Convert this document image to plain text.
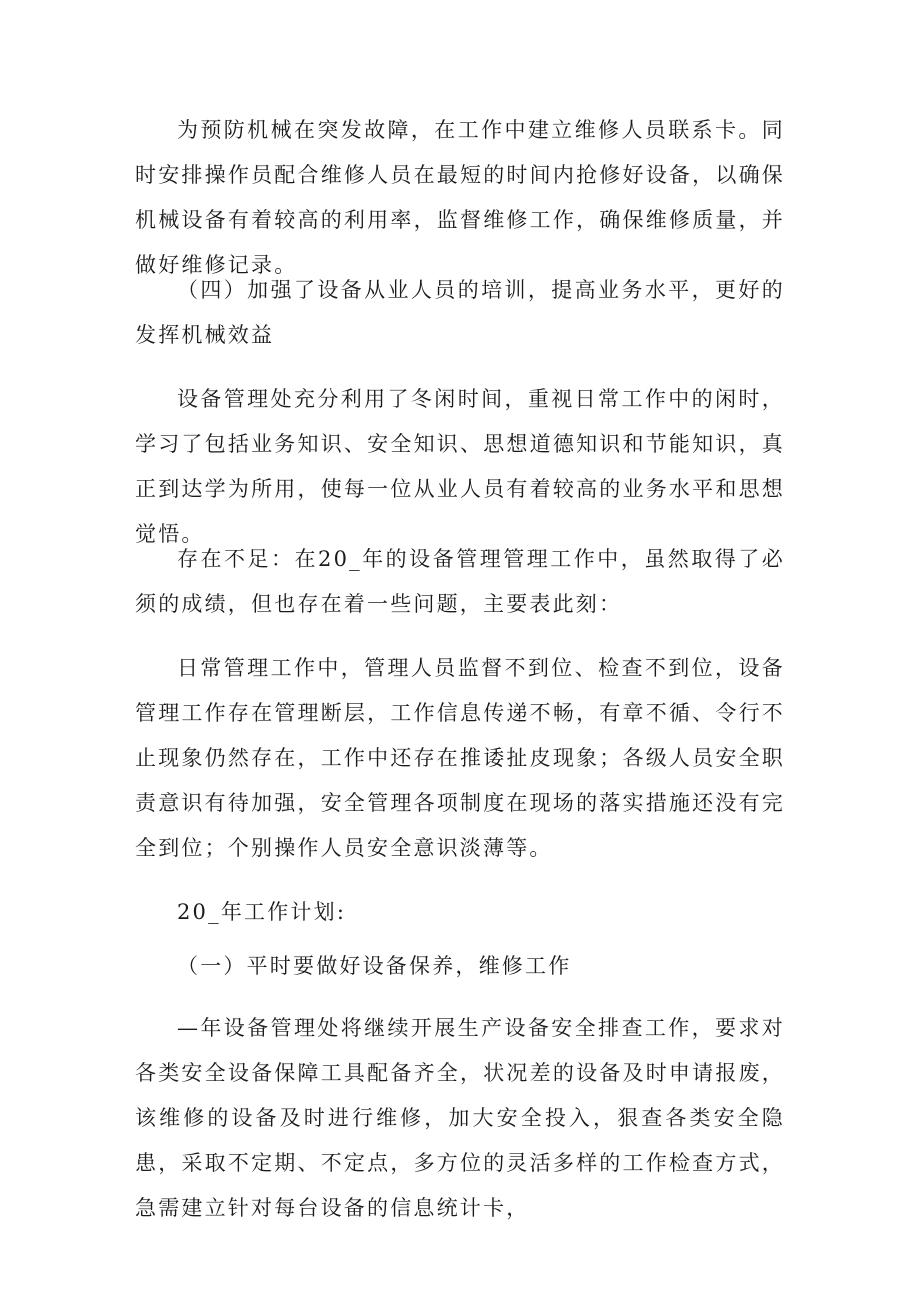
为预防机械在突发故障，在工作中建立维修人员联系卡。同时安排操作员配合维修人员在最短的时间内抢修好设备，以确保机械设备有着较高的利用率，监督维修工作，确保维修质量，并做好维修记录。

（四）加强了设备从业人员的培训，提高业务水平，更好的发挥机械效益

设备管理处充分利用了冬闲时间，重视日常工作中的闲时，学习了包括业务知识、安全知识、思想道德知识和节能知识，真正到达学为所用，使每一位从业人员有着较高的业务水平和思想觉悟。

存在不足：在20_年的设备管理管理工作中，虽然取得了必须的成绩，但也存在着一些问题，主要表此刻：

日常管理工作中，管理人员监督不到位、检查不到位，设备管理工作存在管理断层，工作信息传递不畅，有章不循、令行不止现象仍然存在，工作中还存在推诿扯皮现象；各级人员安全职责意识有待加强，安全管理各项制度在现场的落实措施还没有完全到位；个别操作人员安全意识淡薄等。

20_年工作计划:

（一）平时要做好设备保养，维修工作

—年设备管理处将继续开展生产设备安全排查工作，要求对各类安全设备保障工具配备齐全，状况差的设备及时申请报废，该维修的设备及时进行维修，加大安全投入，狠查各类安全隐患，采取不定期、不定点，多方位的灵活多样的工作检查方式，急需建立针对每台设备的信息统计卡，
